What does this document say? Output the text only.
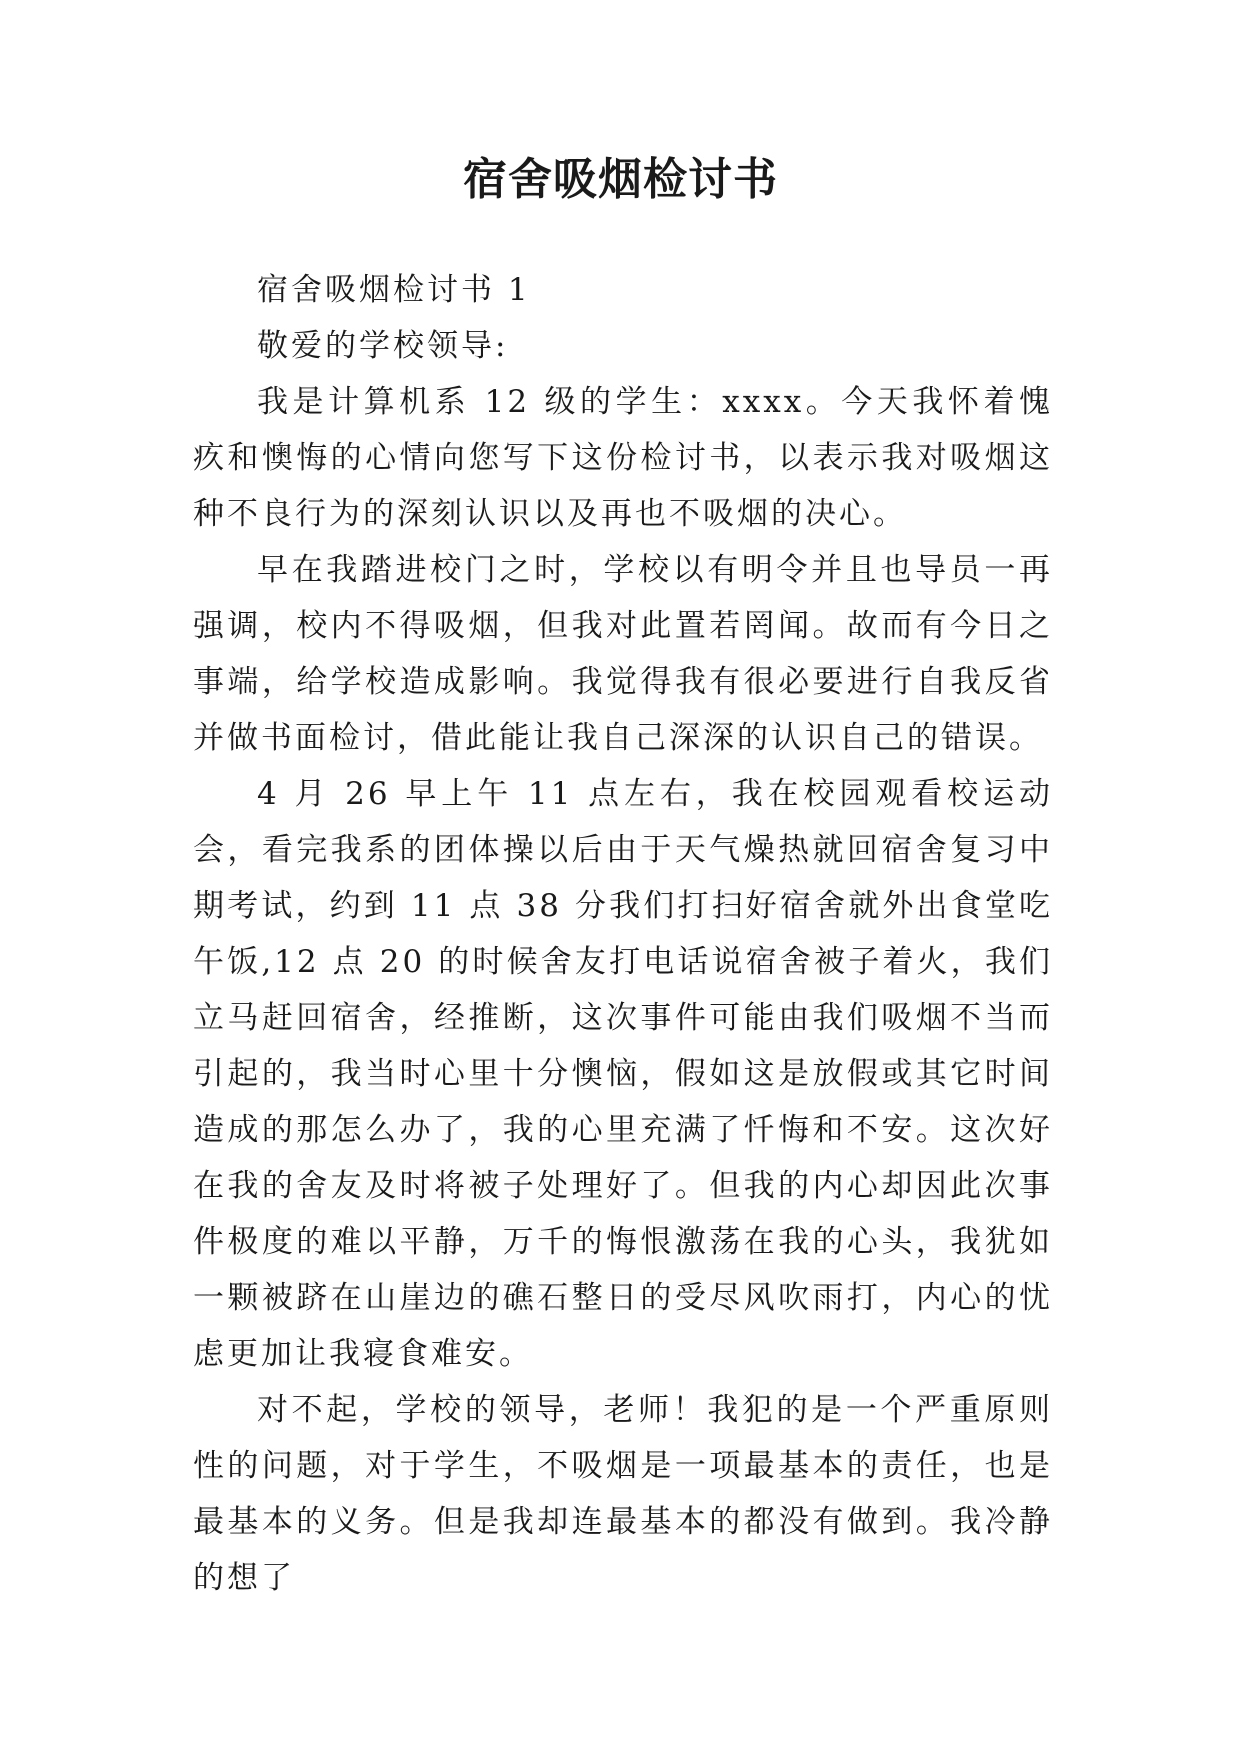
宿舍吸烟检讨书

宿舍吸烟检讨书 1

敬爱的学校领导:

我是计算机系 12 级的学生：xxxx。今天我怀着愧疚和懊悔的心情向您写下这份检讨书，以表示我对吸烟这种不良行为的深刻认识以及再也不吸烟的决心。

早在我踏进校门之时，学校以有明令并且也导员一再强调，校内不得吸烟，但我对此置若罔闻。故而有今日之事端，给学校造成影响。我觉得我有很必要进行自我反省并做书面检讨，借此能让我自己深深的认识自己的错误。

4 月 26 早上午 11 点左右，我在校园观看校运动会，看完我系的团体操以后由于天气燥热就回宿舍复习中期考试，约到 11 点 38 分我们打扫好宿舍就外出食堂吃午饭,12 点 20 的时候舍友打电话说宿舍被子着火，我们立马赶回宿舍，经推断，这次事件可能由我们吸烟不当而引起的，我当时心里十分懊恼，假如这是放假或其它时间造成的那怎么办了，我的心里充满了忏悔和不安。这次好在我的舍友及时将被子处理好了。但我的内心却因此次事件极度的难以平静，万千的悔恨激荡在我的心头，我犹如一颗被跻在山崖边的礁石整日的受尽风吹雨打，内心的忧虑更加让我寝食难安。

对不起，学校的领导，老师！我犯的是一个严重原则性的问题，对于学生，不吸烟是一项最基本的责任，也是最基本的义务。但是我却连最基本的都没有做到。我冷静的想了
